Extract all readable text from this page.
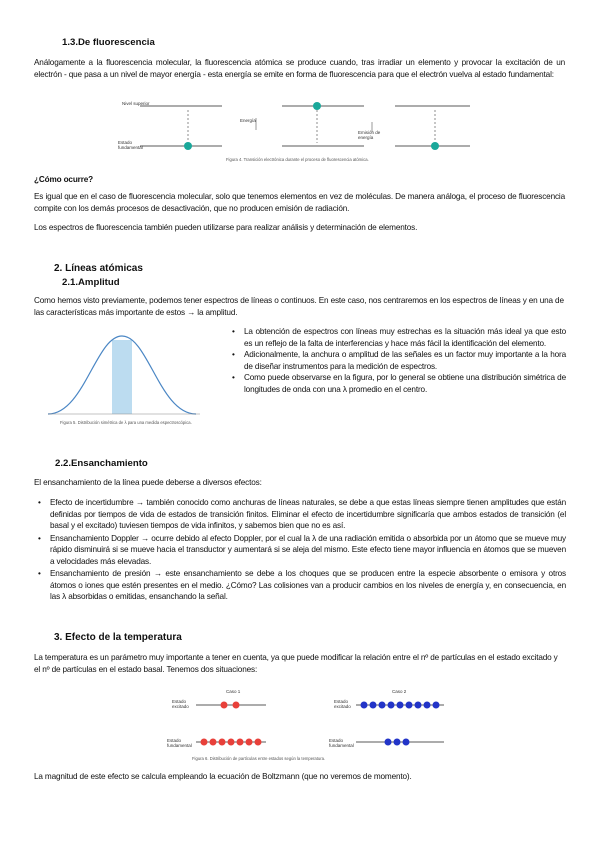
1.3.De fluorescencia
Análogamente a la fluorescencia molecular, la fluorescencia atómica se produce cuando, tras irradiar un elemento y provocar la excitación de un electrón - que pasa a un nivel de mayor energía - esta energía se emite en forma de fluorescencia para que el electrón vuelva al estado fundamental:
Nivel superior
Estado fundamental
Energía
Emisión de energía
Figura 4. Transición electrónica durante el proceso de fluorescencia atómica.
¿Cómo ocurre?
Es igual que en el caso de fluorescencia molecular, solo que tenemos elementos en vez de moléculas. De manera análoga, el proceso de fluorescencia compite con los demás procesos de desactivación, que no producen emisión de radiación.
Los espectros de fluorescencia también pueden utilizarse para realizar análisis y determinación de elementos.
2. Líneas atómicas
2.1.Amplitud
Como hemos visto previamente, podemos tener espectros de líneas o continuos. En este caso, nos centraremos en los espectros de líneas y en una de las características más importante de estos → la amplitud.
Figura 5. Distribución simétrica de λ para una medida espectroscópica.
• La obtención de espectros con líneas muy estrechas es la situación más ideal ya que esto es un reflejo de la falta de interferencias y hace más fácil la identificación del elemento.
• Adicionalmente, la anchura o amplitud de las señales es un factor muy importante a la hora de diseñar instrumentos para la medición de espectros.
• Como puede observarse en la figura, por lo general se obtiene una distribución simétrica de longitudes de onda con una λ promedio en el centro.
2.2.Ensanchamiento
El ensanchamiento de la línea puede deberse a diversos efectos:
• Efecto de incertidumbre → también conocido como anchuras de líneas naturales, se debe a que estas líneas siempre tienen amplitudes que están definidas por tiempos de vida de estados de transición finitos. Eliminar el efecto de incertidumbre significaría que ambos estados de transición (el basal y el excitado) tuviesen tiempos de vida infinitos, y sabemos bien que no es así.
• Ensanchamiento Doppler → ocurre debido al efecto Doppler, por el cual la λ de una radiación emitida o absorbida por un átomo que se mueve muy rápido disminuirá si se mueve hacia el transductor y aumentará si se aleja del mismo. Este efecto tiene mayor influencia en átomos que se mueven a velocidades más elevadas.
• Ensanchamiento de presión → este ensanchamiento se debe a los choques que se producen entre la especie absorbente o emisora y otros átomos o iones que estén presentes en el medio. ¿Cómo? Las colisiones van a producir cambios en los niveles de energía y, en consecuencia, en las λ absorbidas o emitidas, ensanchando la señal.
3. Efecto de la temperatura
La temperatura es un parámetro muy importante a tener en cuenta, ya que puede modificar la relación entre el nº de partículas en el estado excitado y el nº de partículas en el estado basal. Tenemos dos situaciones:
Caso 1	Caso 2
Estado excitado
Estado excitado
Estado fundamental
Estado fundamental
Figura 6. Distribución de partículas entre estados según la temperatura.
La magnitud de este efecto se calcula empleando la ecuación de Boltzmann (que no veremos de momento).
